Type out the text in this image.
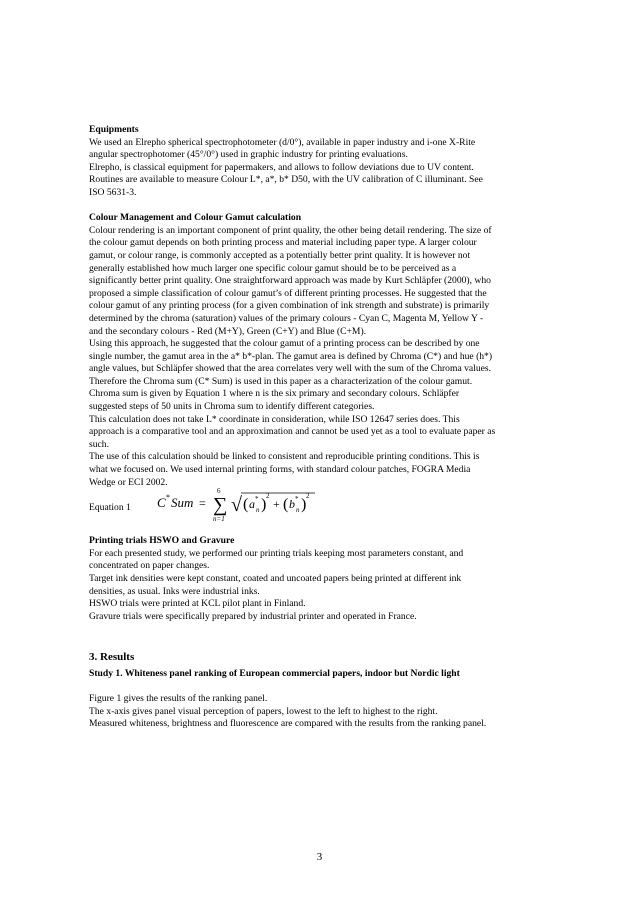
Equipments
We used an Elrepho spherical spectrophotometer (d/0°), available in paper industry and i-one X-Rite
angular spectrophotomer (45°/0°) used in graphic industry for printing evaluations.
Elrepho, is classical equipment for papermakers, and allows to follow deviations due to UV content.
Routines are available to measure Colour L*, a*, b* D50, with the UV calibration of C illuminant. See
ISO 5631-3.
Colour Management and Colour Gamut calculation
Colour rendering is an important component of print quality, the other being detail rendering. The size of
the colour gamut depends on both printing process and material including paper type. A larger colour
gamut, or colour range, is commonly accepted as a potentially better print quality. It is however not
generally established how much larger one specific colour gamut should be to be perceived as a
significantly better print quality. One straightforward approach was made by Kurt Schläpfer (2000), who
proposed a simple classification of colour gamut’s of different printing processes. He suggested that the
colour gamut of any printing process (for a given combination of ink strength and substrate) is primarily
determined by the chroma (saturation) values of the primary colours - Cyan C, Magenta M, Yellow Y -
and the secondary colours - Red (M+Y), Green (C+Y) and Blue (C+M).
Using this approach, he suggested that the colour gamut of a printing process can be described by one
single number, the gamut area in the a* b*-plan. The gamut area is defined by Chroma (C*) and hue (h*)
angle values, but Schläpfer showed that the area correlates very well with the sum of the Chroma values.
Therefore the Chroma sum (C* Sum) is used in this paper as a characterization of the colour gamut.
Chroma sum is given by Equation 1 where n is the six primary and secondary colours. Schläpfer
suggested steps of 50 units in Chroma sum to identify different categories.
This calculation does not take L* coordinate in consideration, while ISO 12647 series does. This
approach is a comparative tool and an approximation and cannot be used yet as a tool to evaluate paper as
such.
The use of this calculation should be linked to consistent and reproducible printing conditions. This is
what we focused on. We used internal printing forms, with standard colour patches, FOGRA Media
Wedge or ECI 2002.
Equation 1 C * Sum =
6
∑
n=1
√ ( a *
n ) 2
+ ( b *
n ) 2
Printing trials HSWO and Gravure
For each presented study, we performed our printing trials keeping most parameters constant, and
concentrated on paper changes.
Target ink densities were kept constant, coated and uncoated papers being printed at different ink
densities, as usual. Inks were industrial inks.
HSWO trials were printed at KCL pilot plant in Finland.
Gravure trials were specifically prepared by industrial printer and operated in France.
3. Results
Study 1. Whiteness panel ranking of European commercial papers, indoor but Nordic light
Figure 1 gives the results of the ranking panel.
The x-axis gives panel visual perception of papers, lowest to the left to highest to the right.
Measured whiteness, brightness and fluorescence are compared with the results from the ranking panel.
3
